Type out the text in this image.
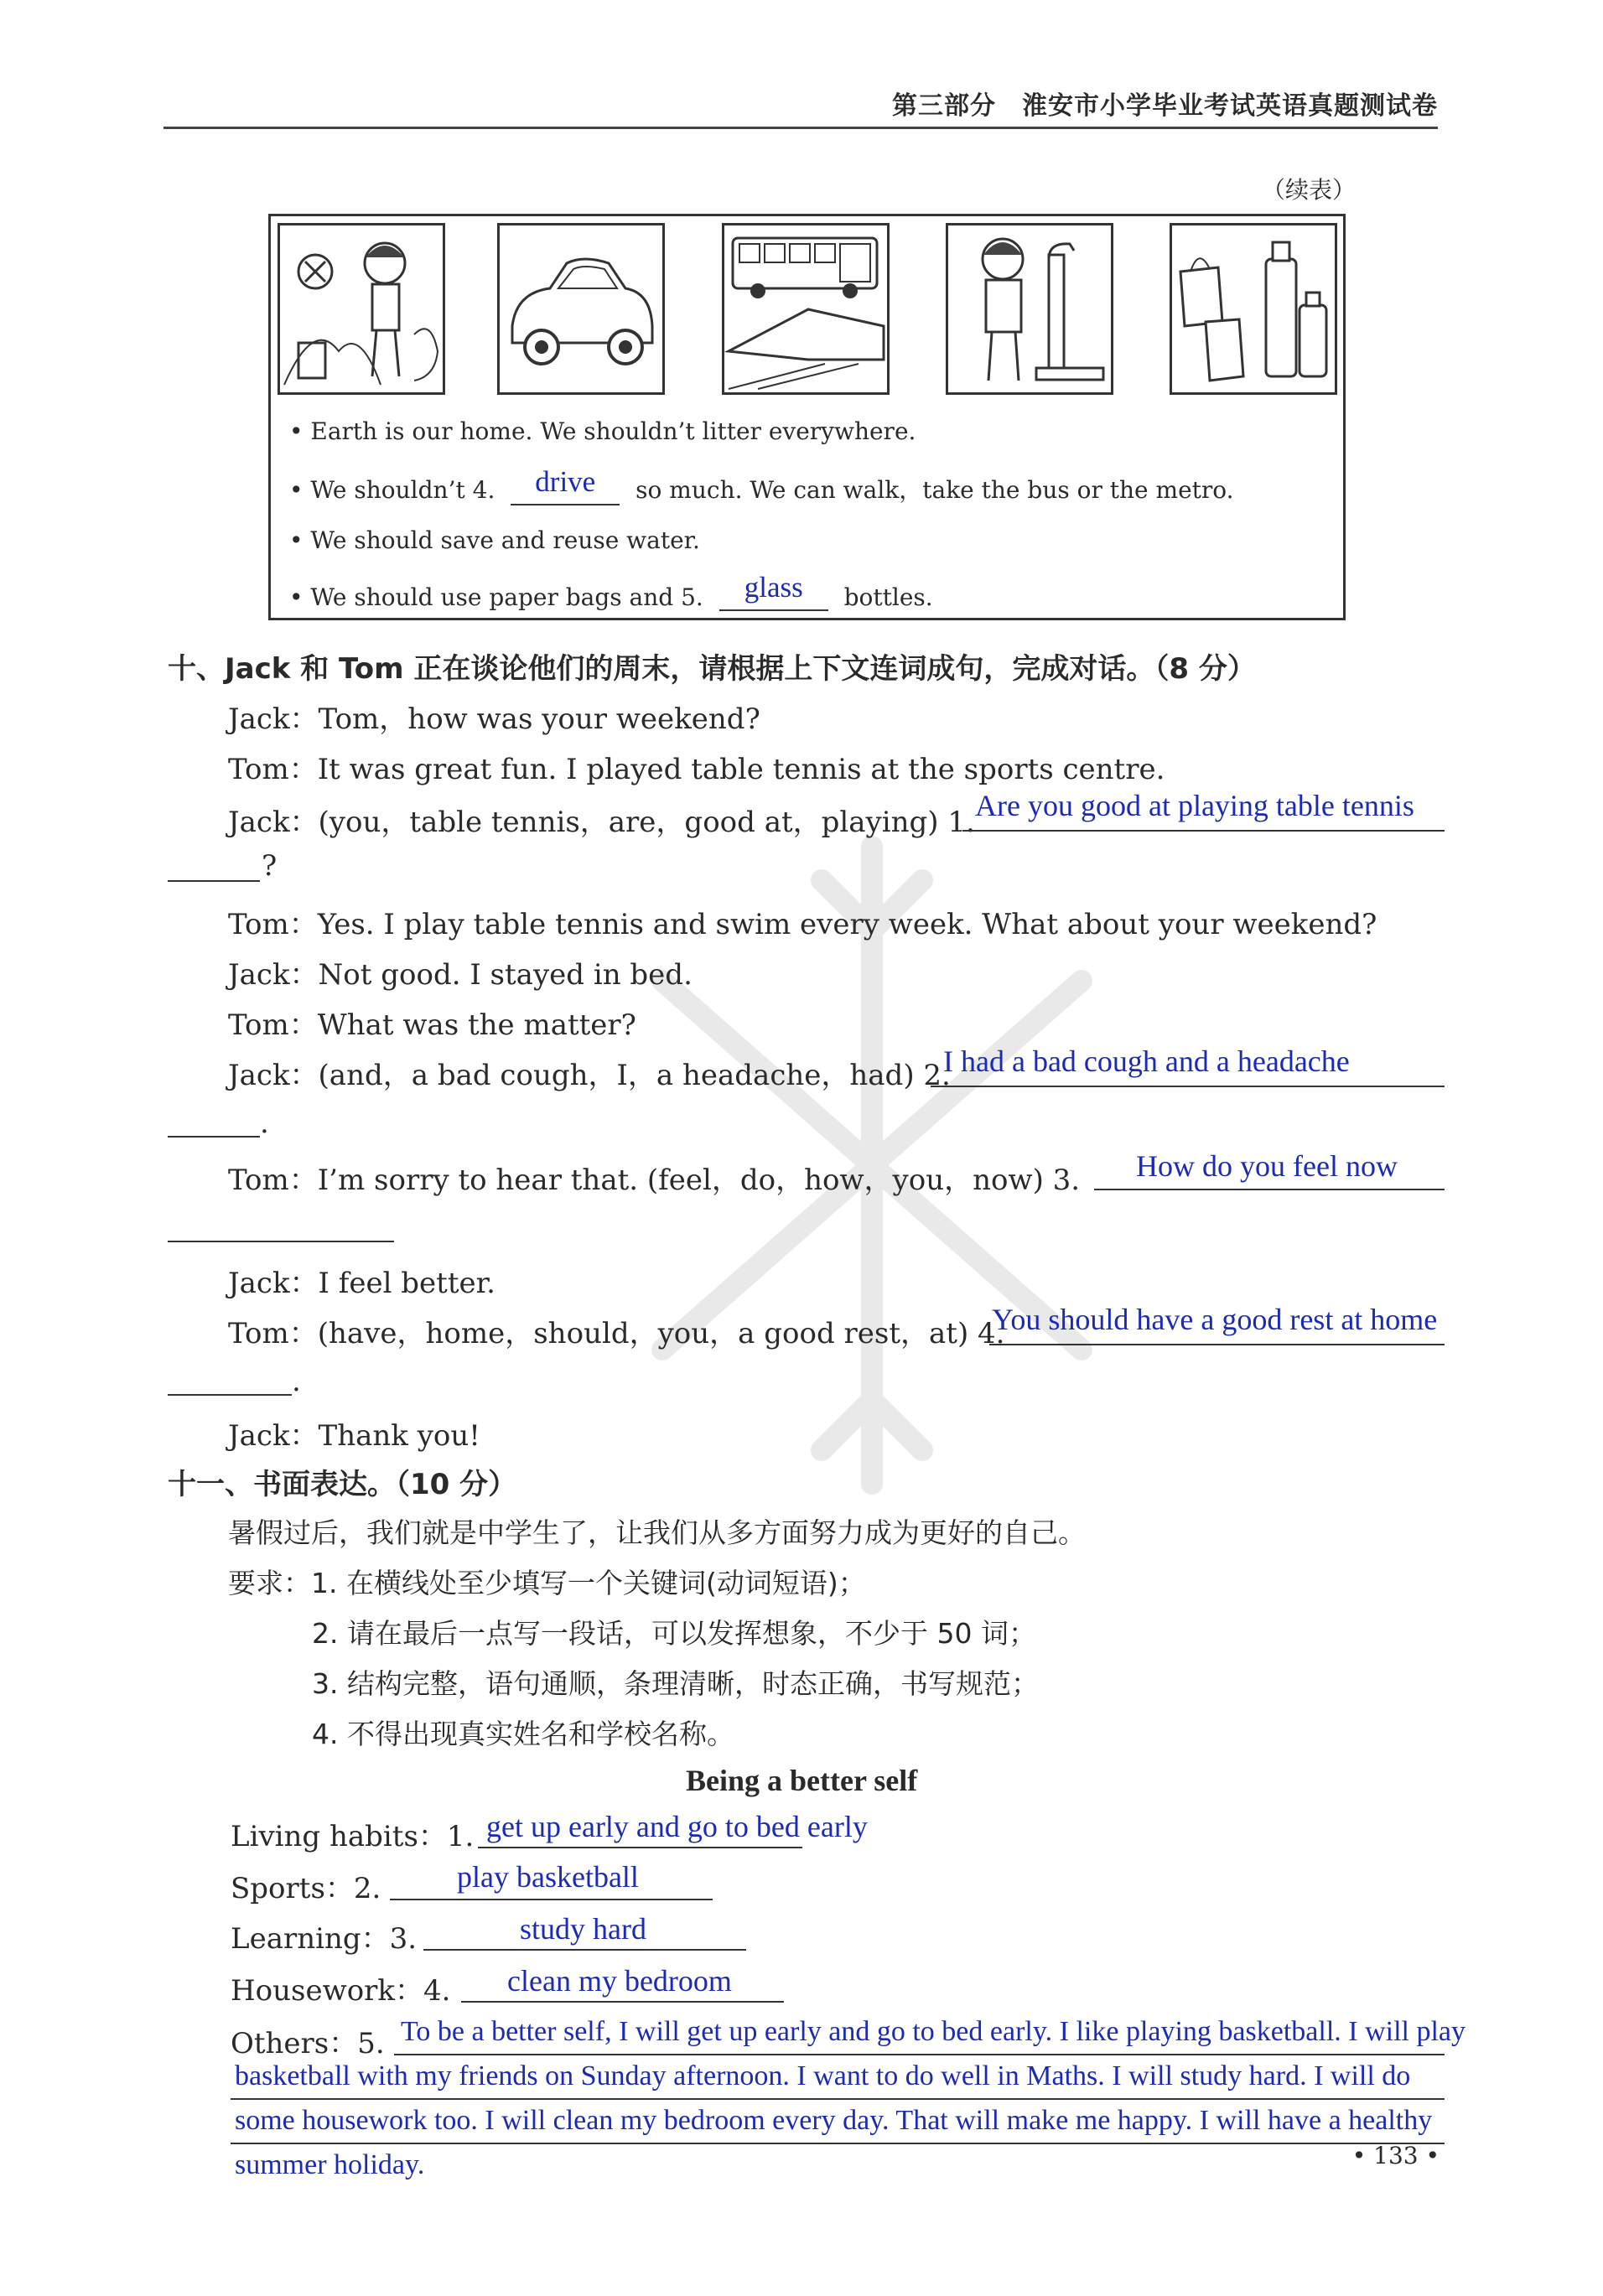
第三部分　淮安市小学毕业考试英语真题测试卷
（续表）
• Earth is our home. We shouldn’t litter everywhere.
• We shouldn’t 4.	drive	so much. We can walk，take the bus or the metro.
• We should save and reuse water.
• We should use paper bags and 5.	glass	bottles.
十、Jack 和 Tom 正在谈论他们的周末，请根据上下文连词成句，完成对话。（8 分）
Jack：Tom，how was your weekend?
Tom：It was great fun. I played table tennis at the sports centre.
Jack：(you，table tennis，are，good at，playing) 1. Are you good at playing table tennis
?
Tom：Yes. I play table tennis and swim every week. What about your weekend?
Jack：Not good. I stayed in bed.
Tom：What was the matter?
Jack：(and，a bad cough，I，a headache，had) 2.
I had a bad cough and a headache
.
Tom：I’m sorry to hear that. (feel，do，how，you，now) 3. How do you feel now
Jack：I feel better.
Tom：(have，home，should，you，a good rest，at) 4.
You should have a good rest at home
.
Jack：Thank you!
十一、书面表达。（10 分）
暑假过后，我们就是中学生了，让我们从多方面努力成为更好的自己。
要求：1. 在横线处至少填写一个关键词(动词短语)；
2. 请在最后一点写一段话，可以发挥想象，不少于 50 词；
3. 结构完整，语句通顺，条理清晰，时态正确，书写规范；
4. 不得出现真实姓名和学校名称。
Being a better self
Living habits：1. get up early and go to bed early
Sports：2.	play basketball
Learning：3.	study hard
Housework：4. clean my bedroom
Others：5. To be a better self, I will get up early and go to bed early. I like playing basketball. I will play
basketball with my friends on Sunday afternoon. I want to do well in Maths. I will study hard. I will do
some housework too. I will clean my bedroom every day. That will make me happy. I will have a healthy
summer holiday.	• 133 •
